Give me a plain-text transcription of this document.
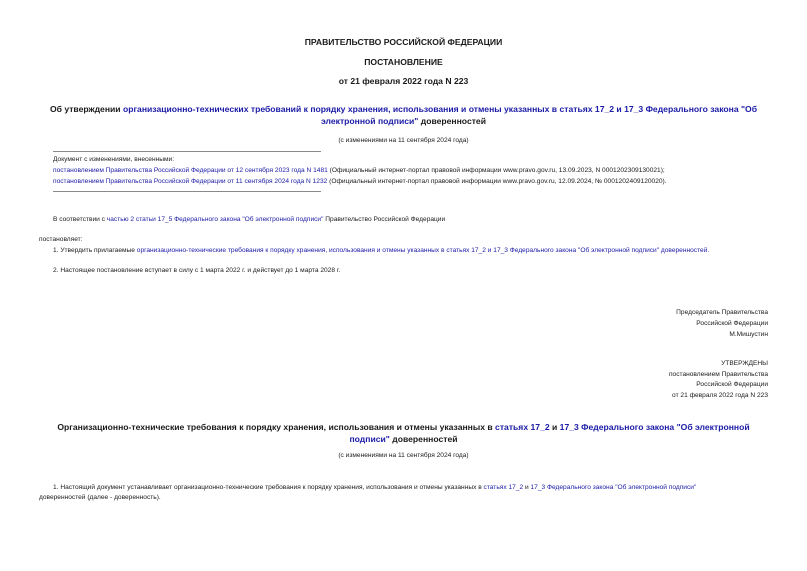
ПРАВИТЕЛЬСТВО РОССИЙСКОЙ ФЕДЕРАЦИИ
ПОСТАНОВЛЕНИЕ
от 21 февраля 2022 года N 223
Об утверждении организационно-технических требований к порядку хранения, использования и отмены указанных в статьях 17_2 и 17_3 Федерального закона "Об
электронной подписи" доверенностей
(с изменениями на 11 сентября 2024 года)
Документ с изменениями, внесенными:
постановлением Правительства Российской Федерации от 12 сентября 2023 года N 1481 (Официальный интернет-портал правовой информации www.pravo.gov.ru, 13.09.2023, N 0001202309130021);
постановлением Правительства Российской Федерации от 11 сентября 2024 года N 1232 (Официальный интернет-портал правовой информации www.pravo.gov.ru, 12.09.2024, № 0001202409120020).
В соответствии с частью 2 статьи 17_5 Федерального закона "Об электронной подписи" Правительство Российской Федерации
постановляет:
1. Утвердить прилагаемые организационно-технические требования к порядку хранения, использования и отмены указанных в статьях 17_2 и 17_3 Федерального закона "Об электронной подписи" доверенностей.
2. Настоящее постановление вступает в силу с 1 марта 2022 г. и действует до 1 марта 2028 г.
Председатель Правительства
Российской Федерации
М.Мишустин
УТВЕРЖДЕНЫ
постановлением Правительства
Российской Федерации
от 21 февраля 2022 года N 223
Организационно-технические требования к порядку хранения, использования и отмены указанных в статьях 17_2 и 17_3 Федерального закона "Об электронной
подписи" доверенностей
(с изменениями на 11 сентября 2024 года)
1. Настоящий документ устанавливает организационно-технические требования к порядку хранения, использования и отмены указанных в статьях 17_2 и 17_3 Федерального закона "Об электронной подписи"
доверенностей (далее - доверенность).
